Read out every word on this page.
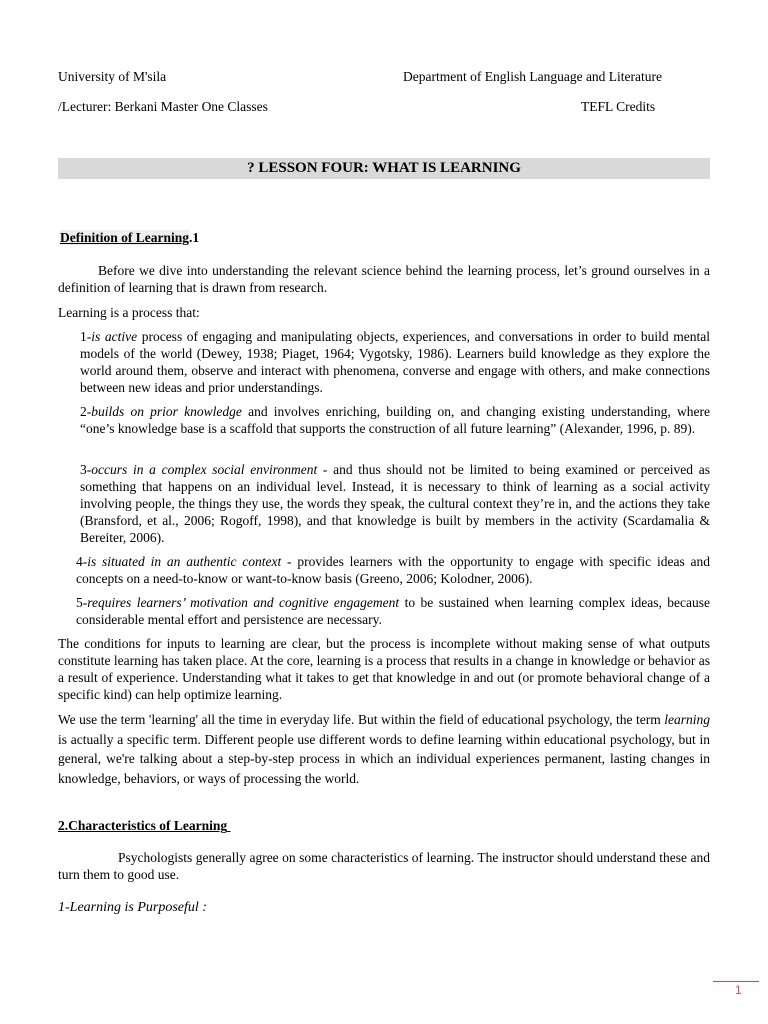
University of M'sila	Department of English Language and Literature
/Lecturer: Berkani Master One Classes	TEFL Credits
? LESSON FOUR: WHAT IS LEARNING
Definition of Learning.1
Before we dive into understanding the relevant science behind the learning process, let’s ground ourselves in a definition of learning that is drawn from research.
Learning is a process that:
1-is active process of engaging and manipulating objects, experiences, and conversations in order to build mental models of the world (Dewey, 1938; Piaget, 1964; Vygotsky, 1986). Learners build knowledge as they explore the world around them, observe and interact with phenomena, converse and engage with others, and make connections between new ideas and prior understandings.
2-builds on prior knowledge and involves enriching, building on, and changing existing understanding, where “one’s knowledge base is a scaffold that supports the construction of all future learning” (Alexander, 1996, p. 89).
3-occurs in a complex social environment - and thus should not be limited to being examined or perceived as something that happens on an individual level. Instead, it is necessary to think of learning as a social activity involving people, the things they use, the words they speak, the cultural context they’re in, and the actions they take (Bransford, et al., 2006; Rogoff, 1998), and that knowledge is built by members in the activity (Scardamalia & Bereiter, 2006).
4-is situated in an authentic context - provides learners with the opportunity to engage with specific ideas and concepts on a need-to-know or want-to-know basis (Greeno, 2006; Kolodner, 2006).
5-requires learners’ motivation and cognitive engagement to be sustained when learning complex ideas, because considerable mental effort and persistence are necessary.
The conditions for inputs to learning are clear, but the process is incomplete without making sense of what outputs constitute learning has taken place. At the core, learning is a process that results in a change in knowledge or behavior as a result of experience. Understanding what it takes to get that knowledge in and out (or promote behavioral change of a specific kind) can help optimize learning.
We use the term 'learning' all the time in everyday life. But within the field of educational psychology, the term learning is actually a specific term. Different people use different words to define learning within educational psychology, but in general, we're talking about a step-by-step process in which an individual experiences permanent, lasting changes in knowledge, behaviors, or ways of processing the world.
2.Characteristics of Learning
Psychologists generally agree on some characteristics of learning. The instructor should understand these and turn them to good use.
1-Learning is Purposeful :
1
